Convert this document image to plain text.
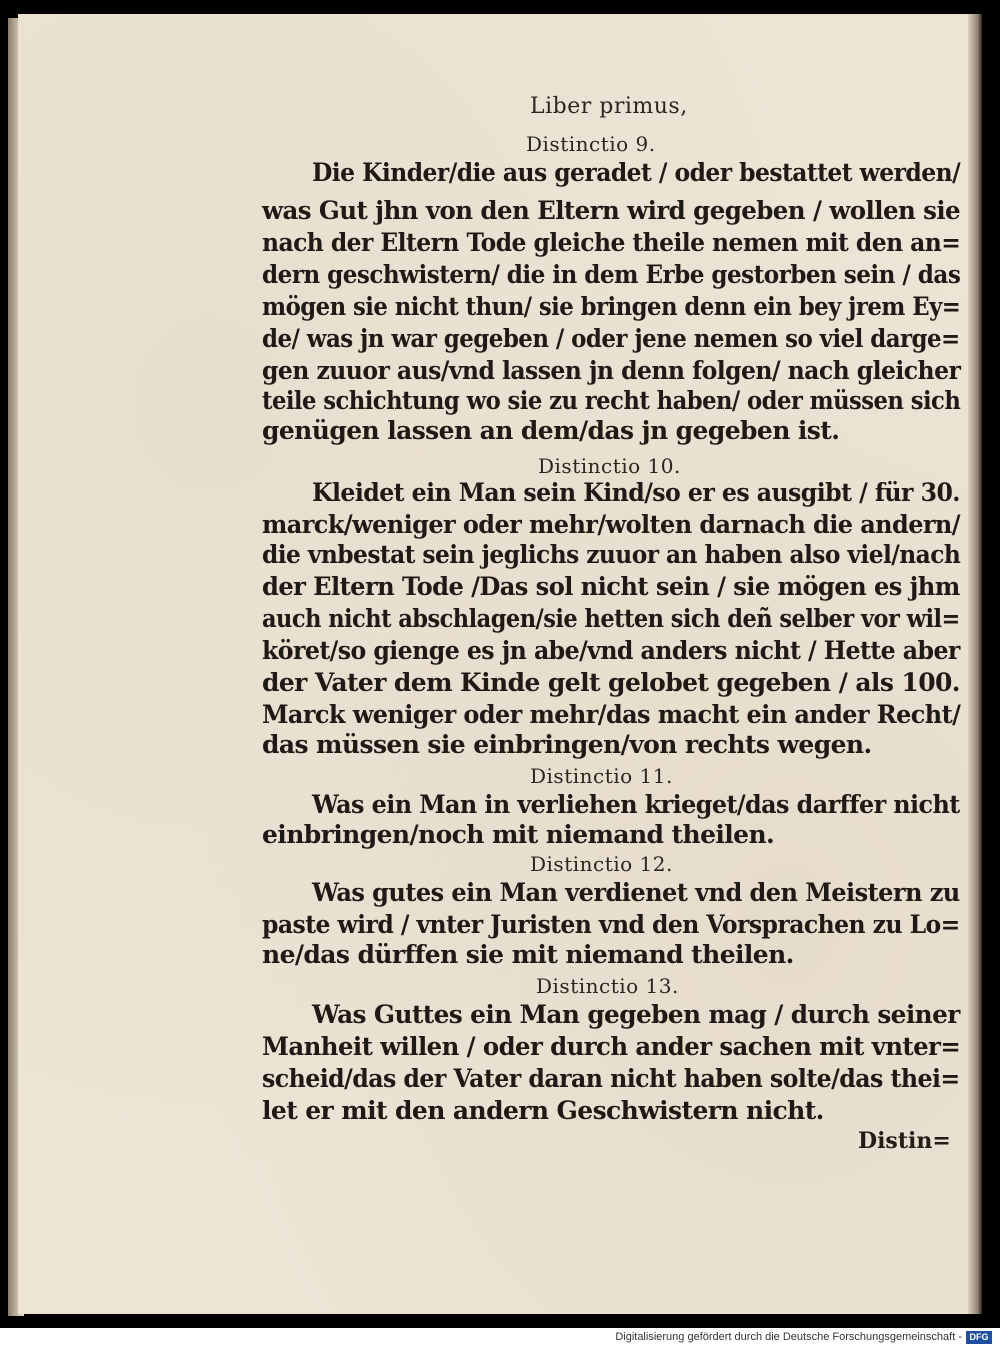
Liber primus,
Distinctio 9.
Die Kinder/die aus geradet / oder bestattet werden/
was Gut jhn von den Eltern wird gegeben / wollen sie
nach der Eltern Tode gleiche theile nemen mit den an=
dern geschwistern/ die in dem Erbe gestorben sein / das
mögen sie nicht thun/ sie bringen denn ein bey jrem Ey=
de/ was jn war gegeben / oder jene nemen so viel darge=
gen zuuor aus/vnd lassen jn denn folgen/ nach gleicher
teile schichtung wo sie zu recht haben/ oder müssen sich
genügen lassen an dem/das jn gegeben ist.
Distinctio 10.
Kleidet ein Man sein Kind/so er es ausgibt / für 30.
marck/weniger oder mehr/wolten darnach die andern/
die vnbestat sein jeglichs zuuor an haben also viel/nach
der Eltern Tode /Das sol nicht sein / sie mögen es jhm
auch nicht abschlagen/sie hetten sich deñ selber vor wil=
köret/so gienge es jn abe/vnd anders nicht / Hette aber
der Vater dem Kinde gelt gelobet gegeben / als 100.
Marck weniger oder mehr/das macht ein ander Recht/
das müssen sie einbringen/von rechts wegen.
Distinctio 11.
Was ein Man in verliehen krieget/das darffer nicht
einbringen/noch mit niemand theilen.
Distinctio 12.
Was gutes ein Man verdienet vnd den Meistern zu
paste wird / vnter Juristen vnd den Vorsprachen zu Lo=
ne/das dürffen sie mit niemand theilen.
Distinctio 13.
Was Guttes ein Man gegeben mag / durch seiner
Manheit willen / oder durch ander sachen mit vnter=
scheid/das der Vater daran nicht haben solte/das thei=
let er mit den andern Geschwistern nicht.
Distin=
Digitalisierung gefördert durch die Deutsche Forschungsgemeinschaft - DFG
